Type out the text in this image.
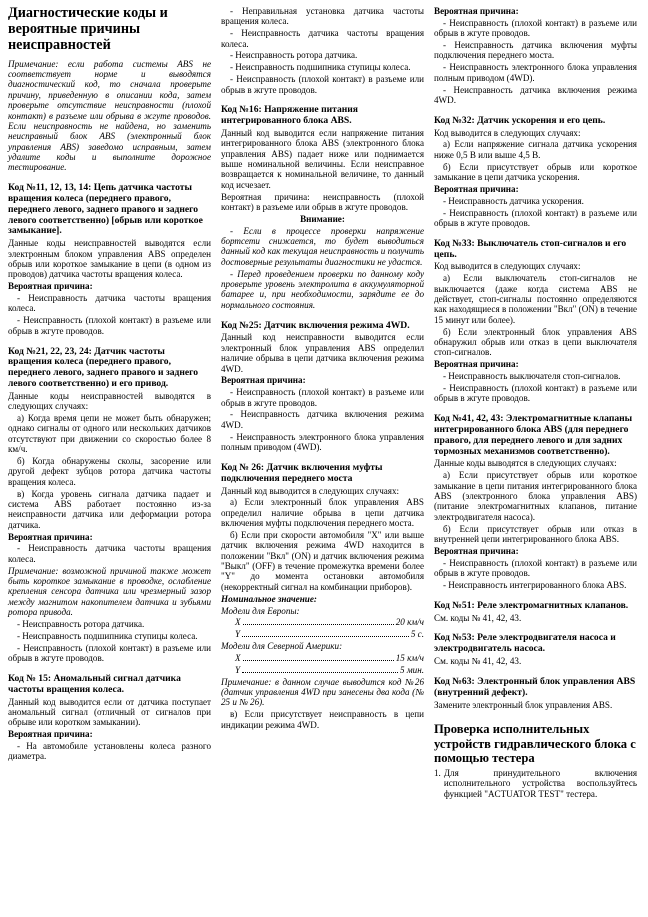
Диагностические коды и вероятные причины неисправностей

Примечание: если работа системы ABS не соответствует норме и выводятся диагностический код, то сначала проверьте причину, приведенную в описании кода, затем проверьте отсутствие неисправности (плохой контакт) в разъеме или обрыва в жгуте проводов. Если неисправность не найдена, но заменить неисправный блок ABS (электронный блок управления ABS) заведомо исправным, затем удалите коды и выполните дорожное тестирование.

Код №11, 12, 13, 14: Цепь датчика частоты вращения колеса (переднего правого, переднего левого, заднего правого и заднего левого соответственно) [обрыв или короткое замыкание].

Данные коды неисправностей выводятся если электронным блоком управления ABS определен обрыв или короткое замыкание в цепи (в одном из проводов) датчика частоты вращения колеса.

Вероятная причина:

- Неисправность датчика частоты вращения колеса.

- Неисправность (плохой контакт) в разъеме или обрыв в жгуте проводов.

Код №21, 22, 23, 24: Датчик частоты вращения колеса (переднего правого, переднего левого, заднего правого и заднего левого соответственно) и его привод.

Данные коды неисправностей выводятся в следующих случаях:

а) Когда время цепи не может быть обнаружен; однако сигналы от одного или нескольких датчиков отсутствуют при движении со скоростью более 8 км/ч.

б) Когда обнаружены сколы, засорение или другой дефект зубцов ротора датчика частоты вращения колеса.

в) Когда уровень сигнала датчика падает и система ABS работает постоянно из-за неисправности датчика или деформации ротора датчика.

Вероятная причина:

- Неисправность датчика частоты вращения колеса.

Примечание: возможной причиной также может быть короткое замыкание в проводке, ослабление крепления сенсора датчика или чрезмерный зазор между магнитом накопителем датчика и зубьями ротора привода.

- Неисправность ротора датчика.

- Неисправность подшипника ступицы колеса.

- Неисправность (плохой контакт) в разъеме или обрыв в жгуте проводов.

Код № 15: Аномальный сигнал датчика частоты вращения колеса.

Данный код выводится если от датчика поступает аномальный сигнал (отличный от сигналов при обрыве или коротком замыкании).

Вероятная причина:

- На автомобиле установлены колеса разного диаметра.

- Неправильная установка датчика частоты вращения колеса.

- Неисправность датчика частоты вращения колеса.

- Неисправность ротора датчика.

- Неисправность подшипника ступицы колеса.

- Неисправность (плохой контакт) в разъеме или обрыв в жгуте проводов.

Код №16: Напряжение питания интегрированного блока ABS.

Данный код выводится если напряжение питания интегрированного блока ABS (электронного блока управления ABS) падает ниже или поднимается выше номинальной величины. Если неисправное возвращается к номинальной величине, то данный код исчезает.

Вероятная причина: неисправность (плохой контакт) в разъеме или обрыв в жгуте проводов.

Внимание:

- Если в процессе проверки напряжение бортсети снижается, то будет выводиться данный код как текущая неисправность и получить достоверные результаты диагностики не удастся.

- Перед проведением проверки по данному коду проверьте уровень электролита в аккумуляторной батарее и, при необходимости, зарядите ее до нормального состояния.

Код №25: Датчик включения режима 4WD.

Данный код неисправности выводится если электронный блок управления ABS определил наличие обрыва в цепи датчика включения режима 4WD.

Вероятная причина:

- Неисправность (плохой контакт) в разъеме или обрыв в жгуте проводов.

- Неисправность датчика включения режима 4WD.

- Неисправность электронного блока управления полным приводом (4WD).

Код № 26: Датчик включения муфты подключения переднего моста

Данный код выводится в следующих случаях:

а) Если электронный блок управления ABS определил наличие обрыва в цепи датчика включения муфты подключения переднего моста.

б) Если при скорости автомобиля "Х" или выше датчик включения режима 4WD находится в положении "Вкл" (ON) и датчик включения режима "Выкл" (OFF) в течение промежутка времени более "Y" до момента остановки автомобиля (некорректный сигнал на комбинации приборов).

Номинальное значение:

Модели для Европы:

X	20 км/ч
Y	5 с.

Модели для Северной Америки:

X	15 км/ч
Y	5 мин.

Примечание: в данном случае выводится код №26 (датчик управления 4WD при занесены два кода (№ 25 и № 26).

в) Если присутствует неисправность в цепи индикации режима 4WD.

Вероятная причина:

- Неисправность (плохой контакт) в разъеме или обрыв в жгуте проводов.

- Неисправность датчика включения муфты подключения переднего моста.

- Неисправность электронного блока управления полным приводом (4WD).

- Неисправность датчика включения режима 4WD.

Код №32: Датчик ускорения и его цепь.

Код выводится в следующих случаях:

а) Если напряжение сигнала датчика ускорения ниже 0,5 В или выше 4,5 В.

б) Если присутствует обрыв или короткое замыкание в цепи датчика ускорения.

Вероятная причина:

- Неисправность датчика ускорения.

- Неисправность (плохой контакт) в разъеме или обрыв в жгуте проводов.

Код №33: Выключатель стоп-сигналов и его цепь.

Код выводится в следующих случаях:

а) Если выключатель стоп-сигналов не выключается (даже когда система ABS не действует, стоп-сигналы постоянно определяются как находящиеся в положении "Вкл" (ON) в течение 15 минут или более).

б) Если электронный блок управления ABS обнаружил обрыв или отказ в цепи выключателя стоп-сигналов.

Вероятная причина:

- Неисправность выключателя стоп-сигналов.

- Неисправность (плохой контакт) в разъеме или обрыв в жгуте проводов.

Код №41, 42, 43: Электромагнитные клапаны интегрированного блока ABS (для переднего правого, для переднего левого и для задних тормозных механизмов соответственно).

Данные коды выводятся в следующих случаях:

а) Если присутствует обрыв или короткое замыкание в цепи питания интегрированного блока ABS (электронного блока управления ABS) (питание электромагнитных клапанов, питание электродвигателя насоса).

б) Если присутствует обрыв или отказ в внутренней цепи интегрированного блока ABS.

Вероятная причина:

- Неисправность (плохой контакт) в разъеме или обрыв в жгуте проводов.

- Неисправность интегрированного блока ABS.

Код №51: Реле электромагнитных клапанов.

См. коды № 41, 42, 43.

Код №53: Реле электродвигателя насоса и электродвигатель насоса.

См. коды № 41, 42, 43.

Код №63: Электронный блок управления ABS (внутренний дефект).

Замените электронный блок управления ABS.

Проверка исполнительных устройств гидравлического блока с помощью тестера
1. Для принудительного включения исполнительного устройства воспользуйтесь функцией "ACTUATOR TEST" тестера.
